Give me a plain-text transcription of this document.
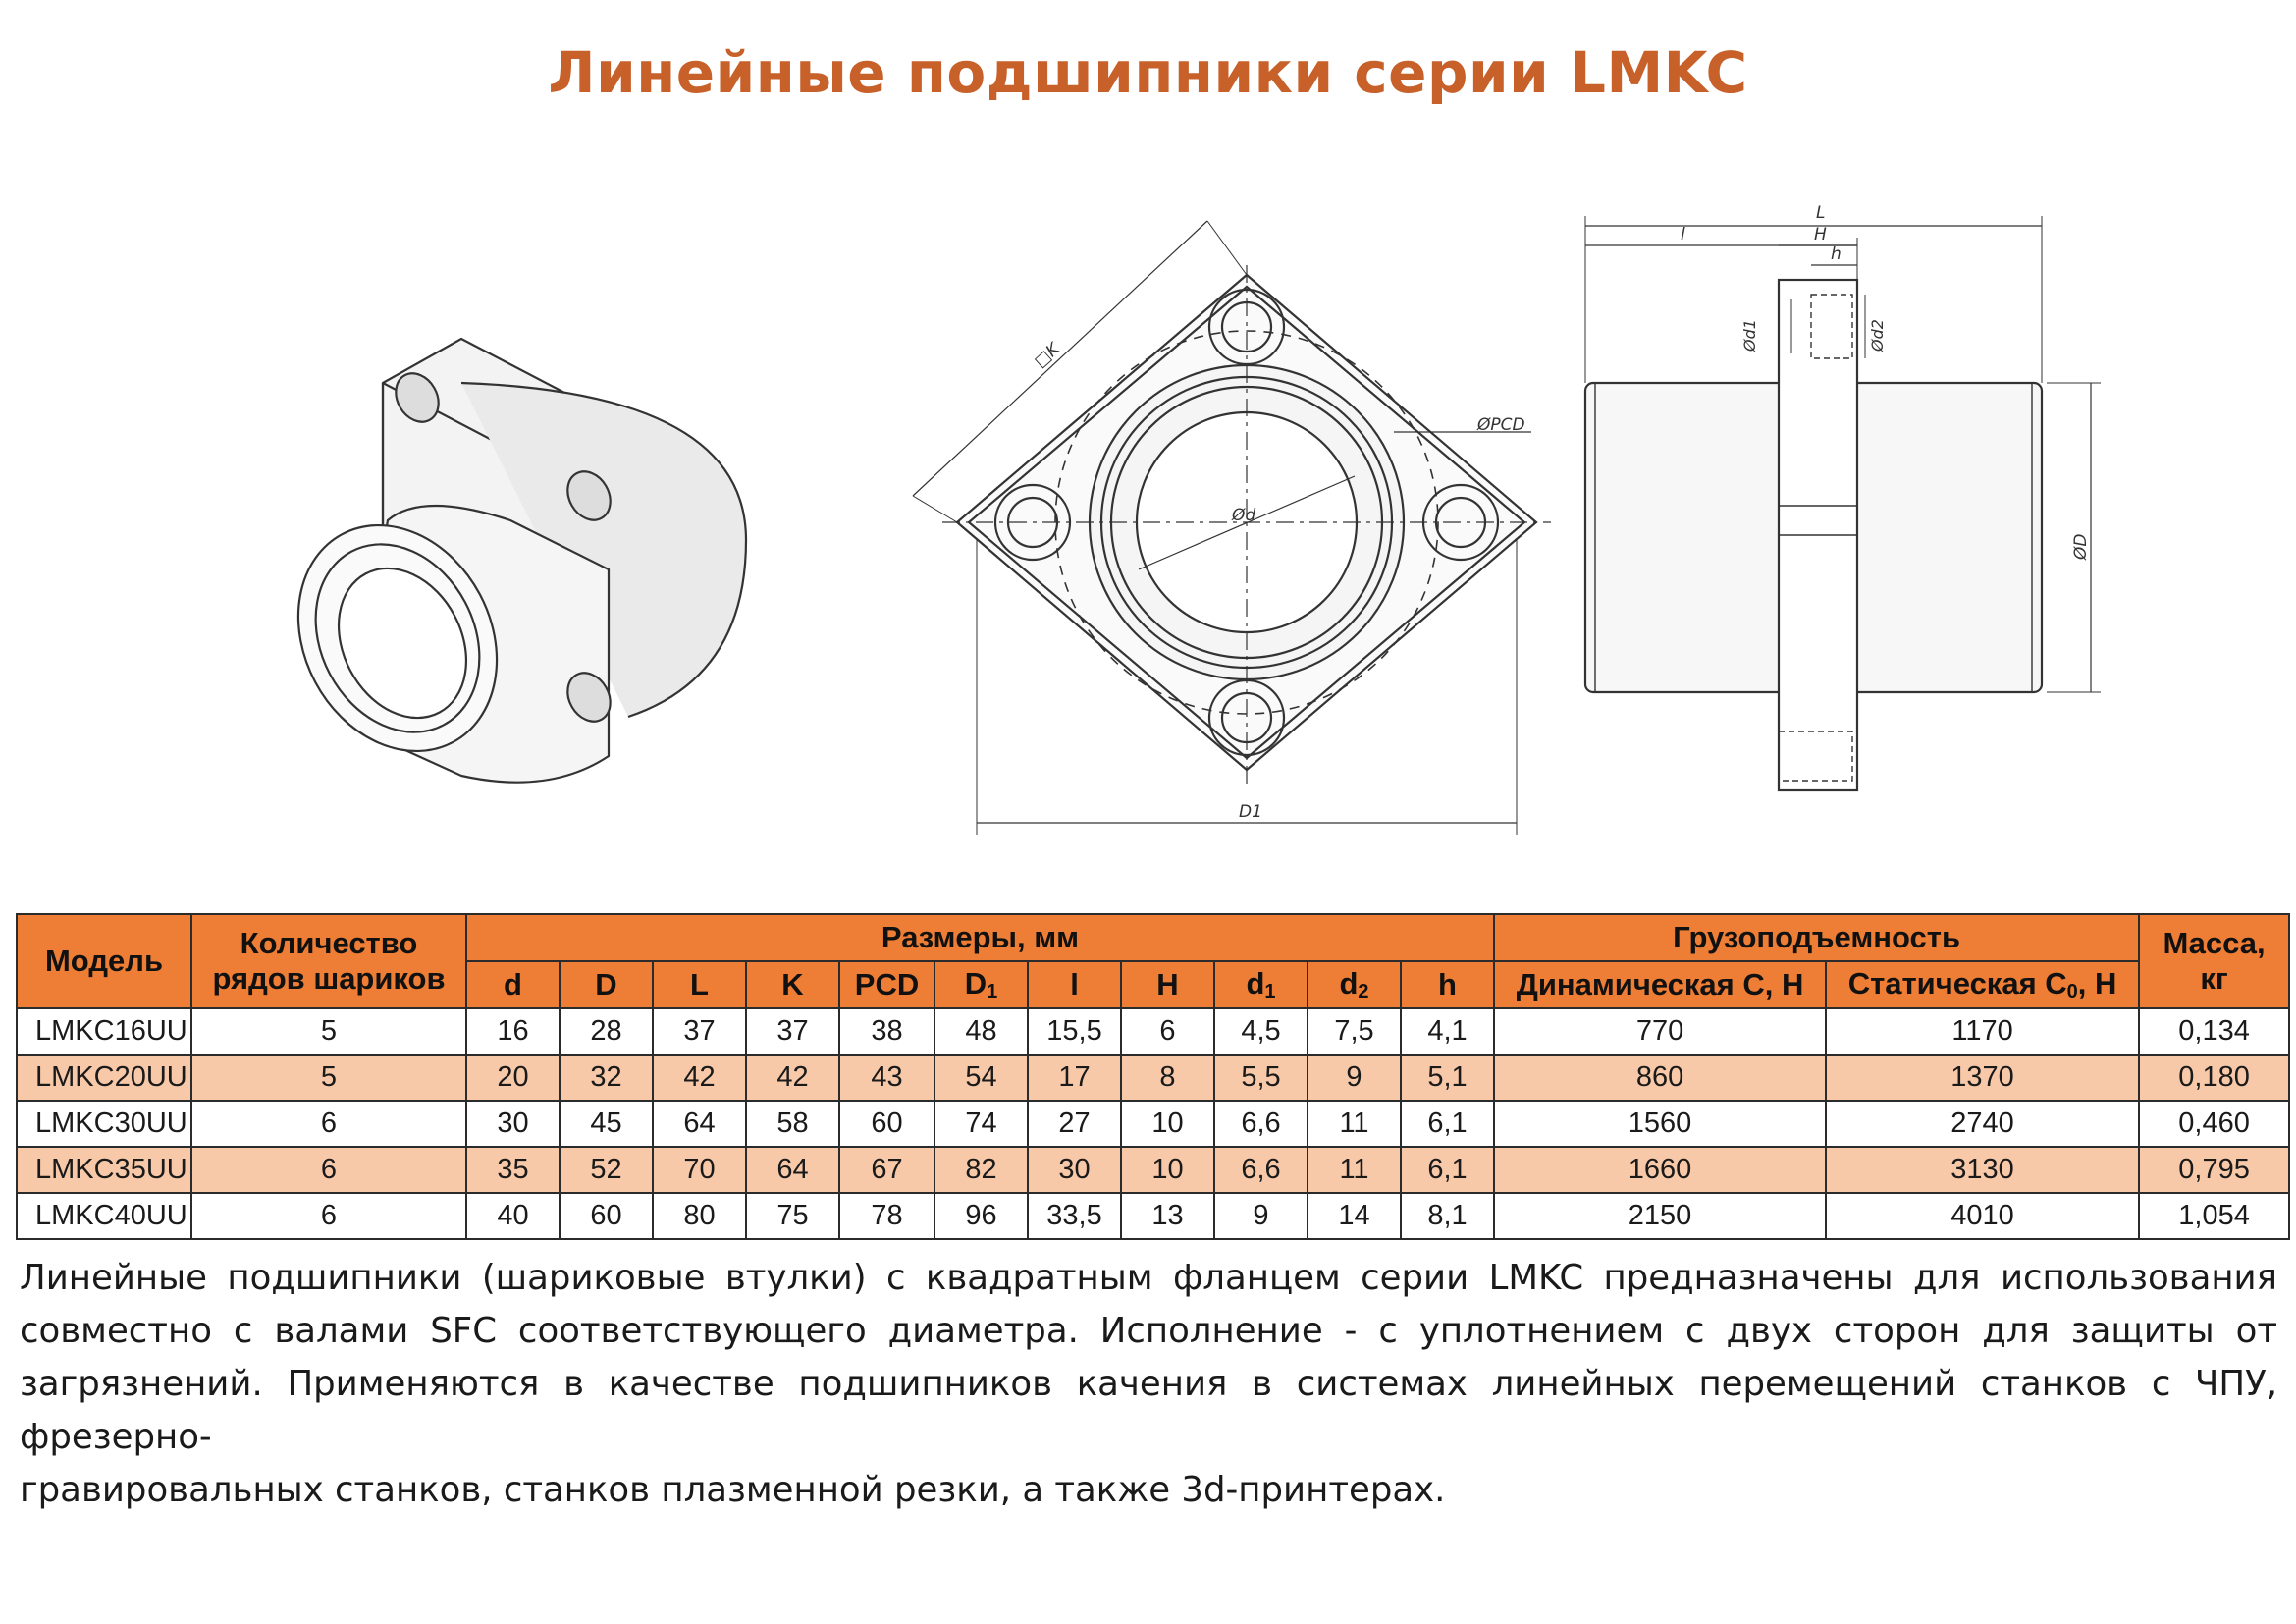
Линейные подшипники серии LMKC
□K
ØPCD
Ød
D1
L
l	H
h
Ød1	Ød2
ØD
Модель	Количество
рядов шариков	Размеры, мм											Грузоподъемность		Масса,
кг
		d	D	L	K	PCD	$D_1$	l	H	$d_1$	$d_2$	h	Динамическая C, Н	Статическая $C_0$, Н	
LMKC16UU	5	16	28	37	37	38	48	15,5	6	4,5	7,5	4,1	770	1170	0,134
LMKC20UU	5	20	32	42	42	43	54	17	8	5,5	9	5,1	860	1370	0,180
LMKC30UU	6	30	45	64	58	60	74	27	10	6,6	11	6,1	1560	2740	0,460
LMKC35UU	6	35	52	70	64	67	82	30	10	6,6	11	6,1	1660	3130	0,795
LMKC40UU	6	40	60	80	75	78	96	33,5	13	9	14	8,1	2150	4010	1,054
Линейные подшипники (шариковые втулки) с квадратным фланцем серии LMKC предназначены для использования
совместно с валами SFC соответствующего диаметра. Исполнение - с уплотнением с двух сторон для защиты от
загрязнений. Применяются в качестве подшипников качения в системах линейных перемещений станков с ЧПУ, фрезерно-
гравировальных станков, станков плазменной резки, а также 3d-принтерах.
